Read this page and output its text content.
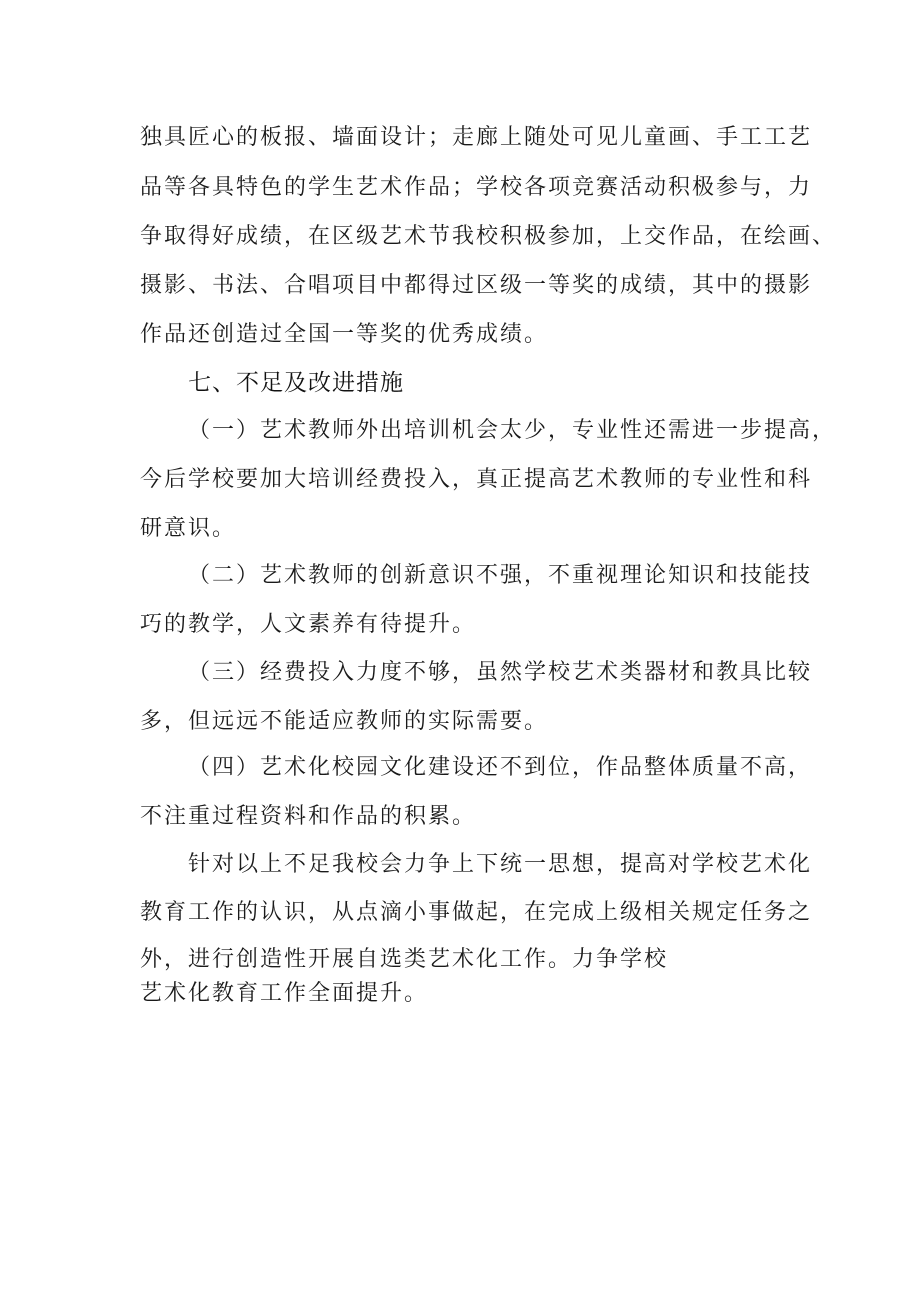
独具匠心的板报、墙面设计；走廊上随处可见儿童画、手工工艺
品等各具特色的学生艺术作品；学校各项竞赛活动积极参与，力
争取得好成绩，在区级艺术节我校积极参加，上交作品，在绘画、
摄影、书法、合唱项目中都得过区级一等奖的成绩，其中的摄影
作品还创造过全国一等奖的优秀成绩。
七、不足及改进措施
（一）艺术教师外出培训机会太少，专业性还需进一步提高，
今后学校要加大培训经费投入，真正提高艺术教师的专业性和科
研意识。
（二）艺术教师的创新意识不强，不重视理论知识和技能技
巧的教学，人文素养有待提升。
（三）经费投入力度不够，虽然学校艺术类器材和教具比较
多，但远远不能适应教师的实际需要。
（四）艺术化校园文化建设还不到位，作品整体质量不高，
不注重过程资料和作品的积累。
针对以上不足我校会力争上下统一思想，提高对学校艺术化
教育工作的认识，从点滴小事做起，在完成上级相关规定任务之
外，进行创造性开展自选类艺术化工作。力争学校
艺术化教育工作全面提升。
